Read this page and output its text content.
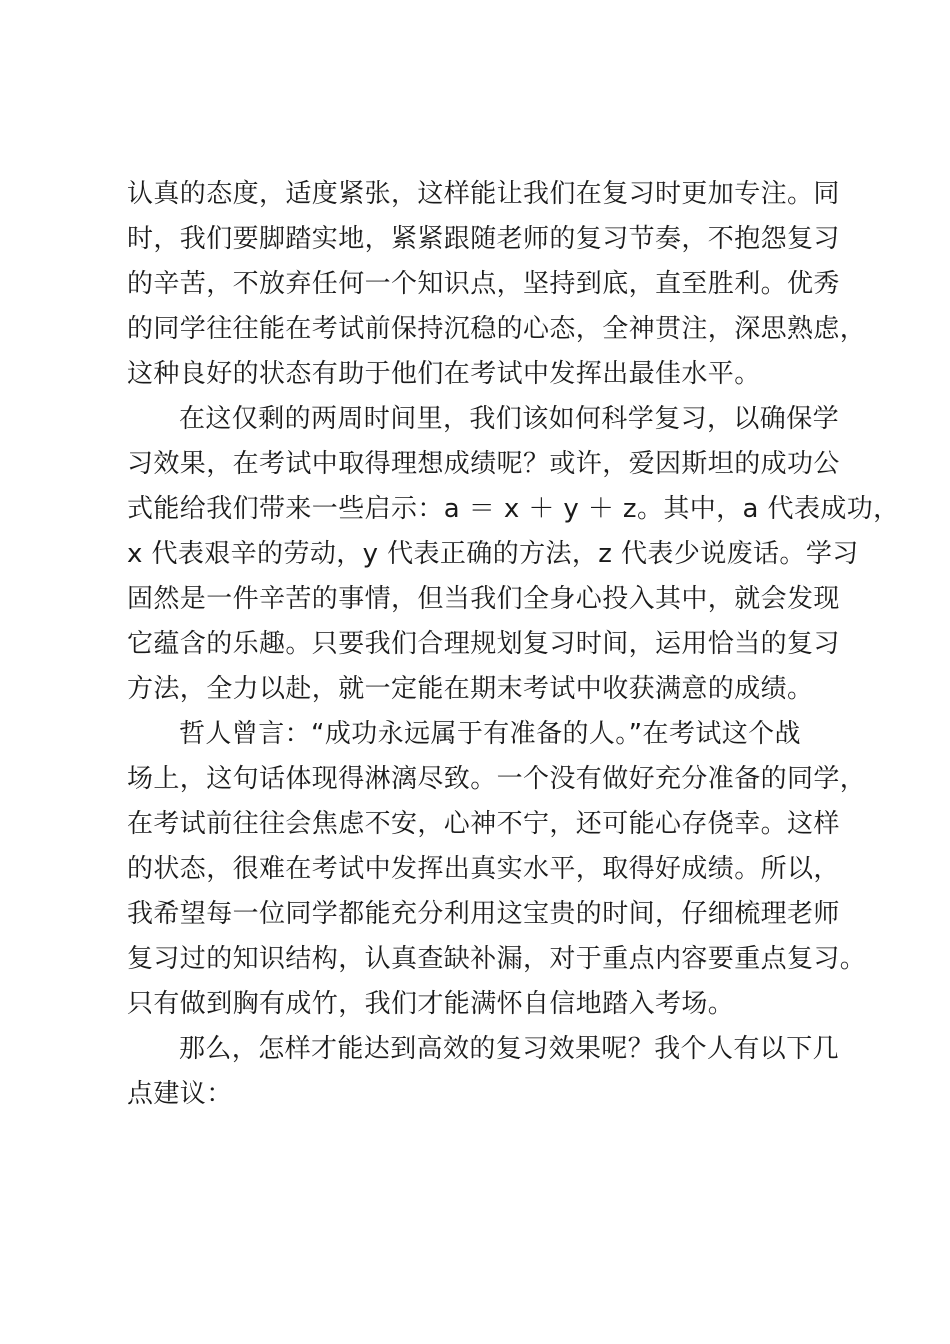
认真的态度，适度紧张，这样能让我们在复习时更加专注。同
时，我们要脚踏实地，紧紧跟随老师的复习节奏，不抱怨复习
的辛苦，不放弃任何一个知识点，坚持到底，直至胜利。优秀
的同学往往能在考试前保持沉稳的心态，全神贯注，深思熟虑，
这种良好的状态有助于他们在考试中发挥出最佳水平。
在这仅剩的两周时间里，我们该如何科学复习，以确保学
习效果，在考试中取得理想成绩呢？或许，爱因斯坦的成功公
式能给我们带来一些启示：a ＝ x ＋ y ＋ z。其中，a 代表成功，
x 代表艰辛的劳动，y 代表正确的方法，z 代表少说废话。学习
固然是一件辛苦的事情，但当我们全身心投入其中，就会发现
它蕴含的乐趣。只要我们合理规划复习时间，运用恰当的复习
方法，全力以赴，就一定能在期末考试中收获满意的成绩。
哲人曾言：“成功永远属于有准备的人。”在考试这个战
场上，这句话体现得淋漓尽致。一个没有做好充分准备的同学，
在考试前往往会焦虑不安，心神不宁，还可能心存侥幸。这样
的状态，很难在考试中发挥出真实水平，取得好成绩。所以，
我希望每一位同学都能充分利用这宝贵的时间，仔细梳理老师
复习过的知识结构，认真查缺补漏，对于重点内容要重点复习。
只有做到胸有成竹，我们才能满怀自信地踏入考场。
那么，怎样才能达到高效的复习效果呢？我个人有以下几
点建议：
